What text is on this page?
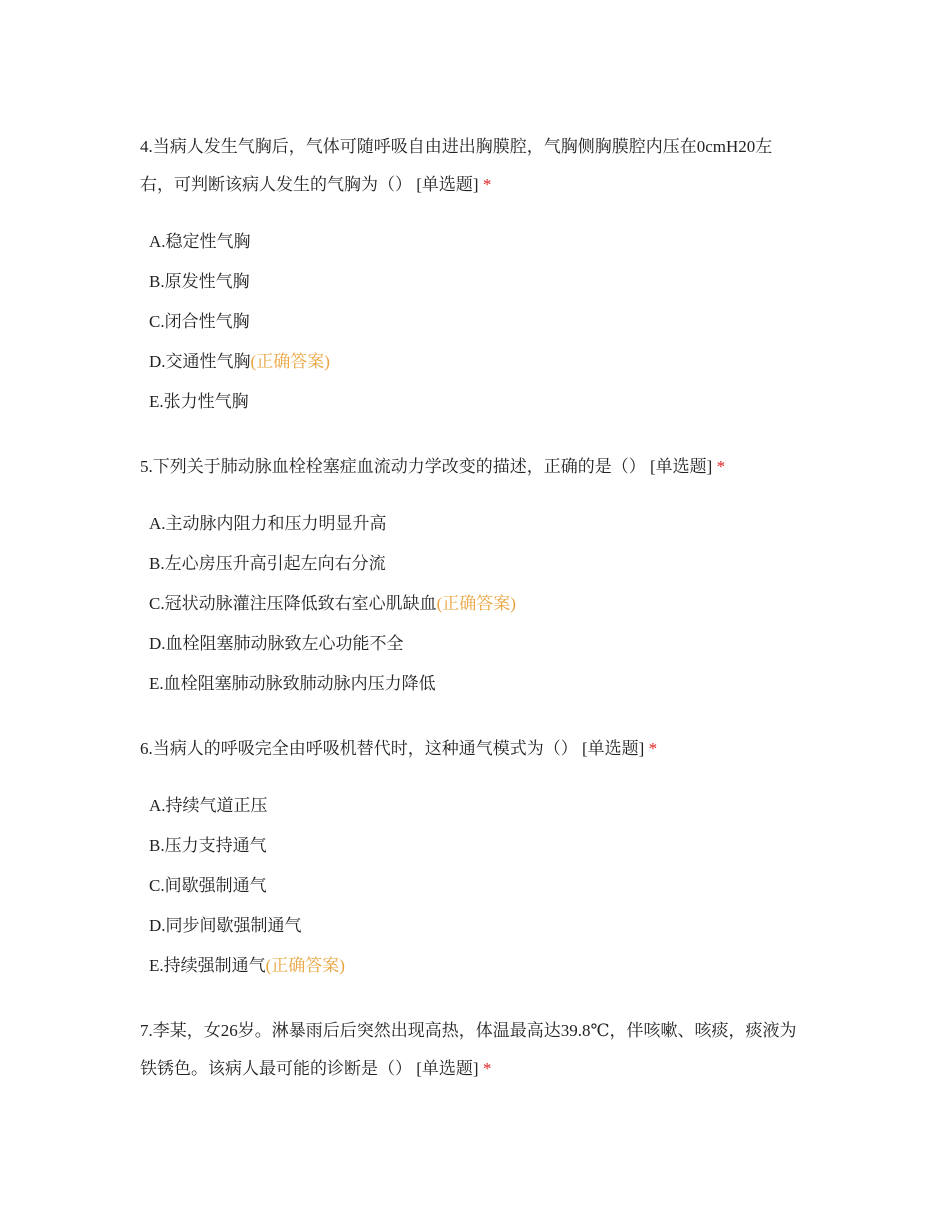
4.当病人发生气胸后，气体可随呼吸自由进出胸膜腔，气胸侧胸膜腔内压在0cmH20左右，可判断该病人发生的气胸为（） [单选题] *

A.稳定性气胸
B.原发性气胸
C.闭合性气胸
D.交通性气胸(正确答案)
E.张力性气胸

5.下列关于肺动脉血栓栓塞症血流动力学改变的描述，正确的是（） [单选题] *

A.主动脉内阻力和压力明显升高
B.左心房压升高引起左向右分流
C.冠状动脉灌注压降低致右室心肌缺血(正确答案)
D.血栓阻塞肺动脉致左心功能不全
E.血栓阻塞肺动脉致肺动脉内压力降低

6.当病人的呼吸完全由呼吸机替代时，这种通气模式为（） [单选题] *

A.持续气道正压
B.压力支持通气
C.间歇强制通气
D.同步间歇强制通气
E.持续强制通气(正确答案)

7.李某，女26岁。淋暴雨后后突然出现高热，体温最高达39.8℃，伴咳嗽、咳痰，痰液为铁锈色。该病人最可能的诊断是（） [单选题] *
